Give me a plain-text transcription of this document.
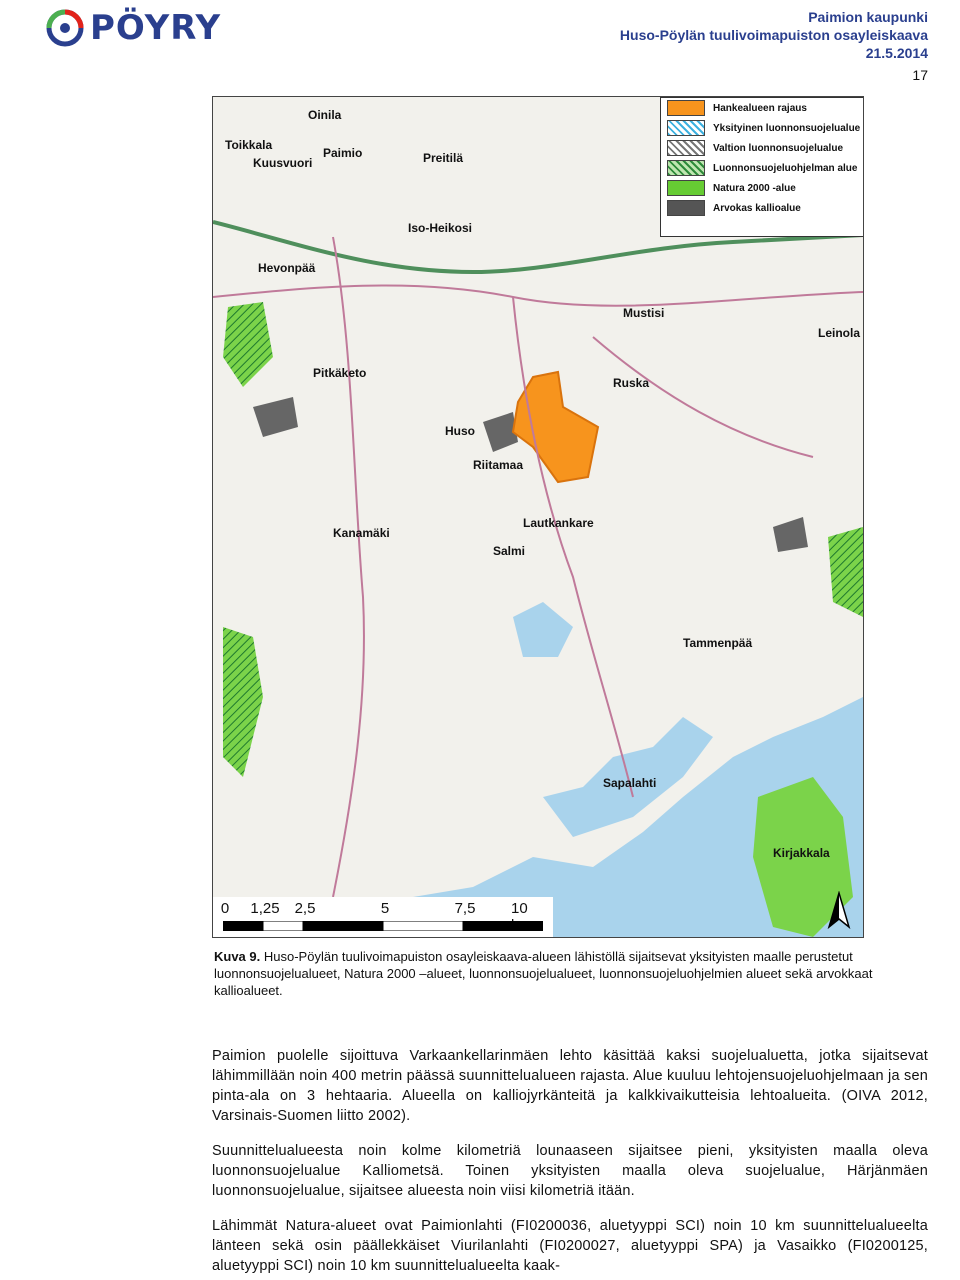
PÖYRY	Paimion kaupunki
Huso-Pöylän tuulivoimapuiston osayleiskaava
21.5.2014
17
Paimio	Preitilä
Oinila
Toikkala
Kuusvuori
Iso-Heikosi
Hevonpää
Mustisi
Leinola
Pitkäketo
Huso
Ruska
Riitamaa
Lautkankare
Kanamäki
Salmi
Tammenpää
Sapalahti
Kirjakkala
Hankealueen rajaus
Yksityinen luonnonsuojelualue
Valtion luonnonsuojelualue
Luonnonsuojeluohjelman alue
Natura 2000 -alue
Arvokas kallioalue
0 1,25 2,5	5	7,5 10
Kuva 9. Huso-Pöylän tuulivoimapuiston osayleiskaava-alueen lähistöllä sijaitsevat yksityisten maalle perustetut luonnonsuojelualueet, Natura 2000 –alueet, luonnonsuojelualueet, luonnonsuojeluohjelmien alueet sekä arvokkaat kallioalueet.

Paimion puolelle sijoittuva Varkaankellarinmäen lehto käsittää kaksi suojelualuetta, jotka sijaitsevat lähimmillään noin 400 metrin päässä suunnittelualueen rajasta. Alue kuuluu lehtojensuojeluohjelmaan ja sen pinta-ala on 3 hehtaaria. Alueella on kalliojyrkänteitä ja kalkkivaikutteisia lehtoalueita. (OIVA 2012, Varsinais-Suomen liitto 2002).

Suunnittelualueesta noin kolme kilometriä lounaaseen sijaitsee pieni, yksityisten maalla oleva luonnonsuojelualue Kalliometsä. Toinen yksityisten maalla oleva suojelualue, Härjänmäen luonnonsuojelualue, sijaitsee alueesta noin viisi kilometriä itään.

Lähimmät Natura-alueet ovat Paimionlahti (FI0200036, aluetyyppi SCI) noin 10 km suunnittelualueelta länteen sekä osin päällekkäiset Viurilanlahti (FI0200027, aluetyyppi SPA) ja Vasaikko (FI0200125, aluetyyppi SCI) noin 10 km suunnittelualueelta kaak-
